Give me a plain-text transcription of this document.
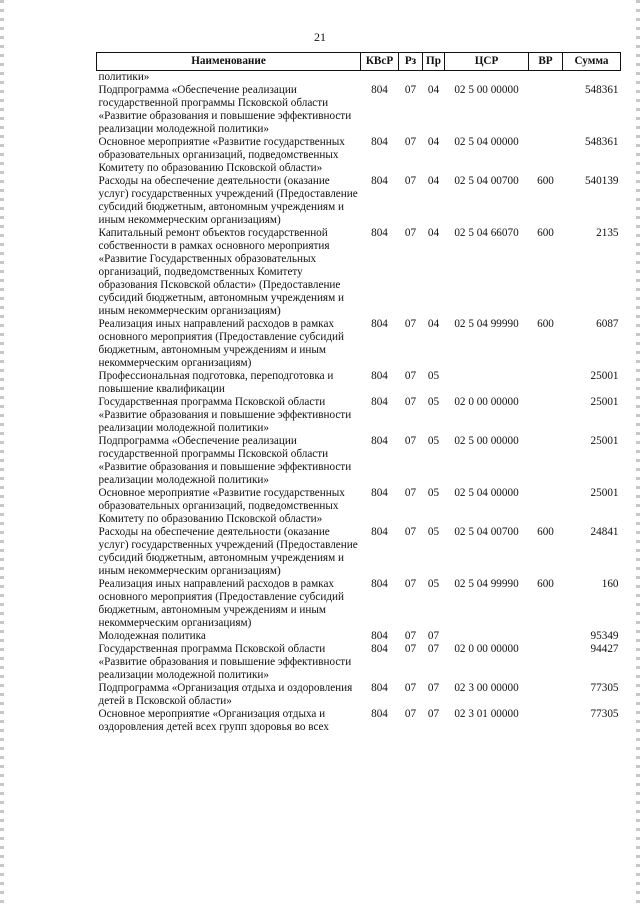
21
Наименование	КВсР	Рз	Пр	ЦСР	ВР	Сумма
политики»						
Подпрограмма «Обеспечение реализации государственной программы Псковской области «Развитие образования и повышение эффективности реализации молодежной политики»	804	07	04	02 5 00 00000		548361
Основное мероприятие «Развитие государственных образовательных организаций, подведомственных Комитету по образованию Псковской области»	804	07	04	02 5 04 00000		548361
Расходы на обеспечение деятельности (оказание услуг) государственных учреждений (Предоставление субсидий бюджетным, автономным учреждениям и иным некоммерческим организациям)	804	07	04	02 5 04 00700	600	540139
Капитальный ремонт объектов государственной собственности в рамках основного мероприятия «Развитие Государственных образовательных организаций, подведомственных Комитету образования Псковской области» (Предоставление субсидий бюджетным, автономным учреждениям и иным некоммерческим организациям)	804	07	04	02 5 04 66070	600	2135
Реализация иных направлений расходов в рамках основного мероприятия (Предоставление субсидий бюджетным, автономным учреждениям и иным некоммерческим организациям)	804	07	04	02 5 04 99990	600	6087
Профессиональная подготовка, переподготовка и повышение квалификации	804	07	05			25001
Государственная программа Псковской области «Развитие образования и повышение эффективности реализации молодежной политики»	804	07	05	02 0 00 00000		25001
Подпрограмма «Обеспечение реализации государственной программы Псковской области «Развитие образования и повышение эффективности реализации молодежной политики»	804	07	05	02 5 00 00000		25001
Основное мероприятие «Развитие государственных образовательных организаций, подведомственных Комитету по образованию Псковской области»	804	07	05	02 5 04 00000		25001
Расходы на обеспечение деятельности (оказание услуг) государственных учреждений (Предоставление субсидий бюджетным, автономным учреждениям и иным некоммерческим организациям)	804	07	05	02 5 04 00700	600	24841
Реализация иных направлений расходов в рамках основного мероприятия (Предоставление субсидий бюджетным, автономным учреждениям и иным некоммерческим организациям)	804	07	05	02 5 04 99990	600	160
Молодежная политика	804	07	07			95349
Государственная программа Псковской области «Развитие образования и повышение эффективности реализации молодежной политики»	804	07	07	02 0 00 00000		94427
Подпрограмма «Организация отдыха и оздоровления детей в Псковской области»	804	07	07	02 3 00 00000		77305
Основное мероприятие «Организация отдыха и оздоровления детей всех групп здоровья во всех	804	07	07	02 3 01 00000		77305
